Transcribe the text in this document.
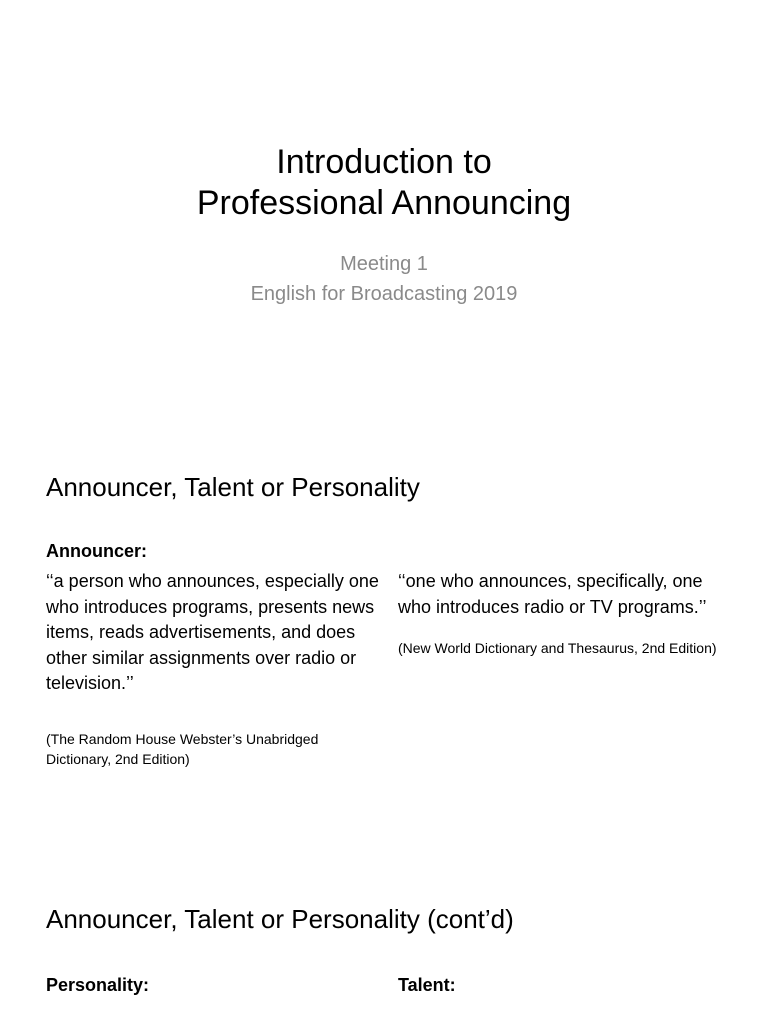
Introduction to
Professional Announcing
Meeting 1
English for Broadcasting 2019
Announcer, Talent or Personality

Announcer:

‘‘a person who announces, especially one who introduces programs, presents news items, reads advertisements, and does other similar assignments over radio or television.’’

(The Random House Webster’s Unabridged Dictionary, 2nd Edition)

‘‘one who announces, specifically, one who introduces radio or TV programs.’’

(New World Dictionary and Thesaurus, 2nd Edition)

Announcer, Talent or Personality (cont’d)

Personality:	Talent:
